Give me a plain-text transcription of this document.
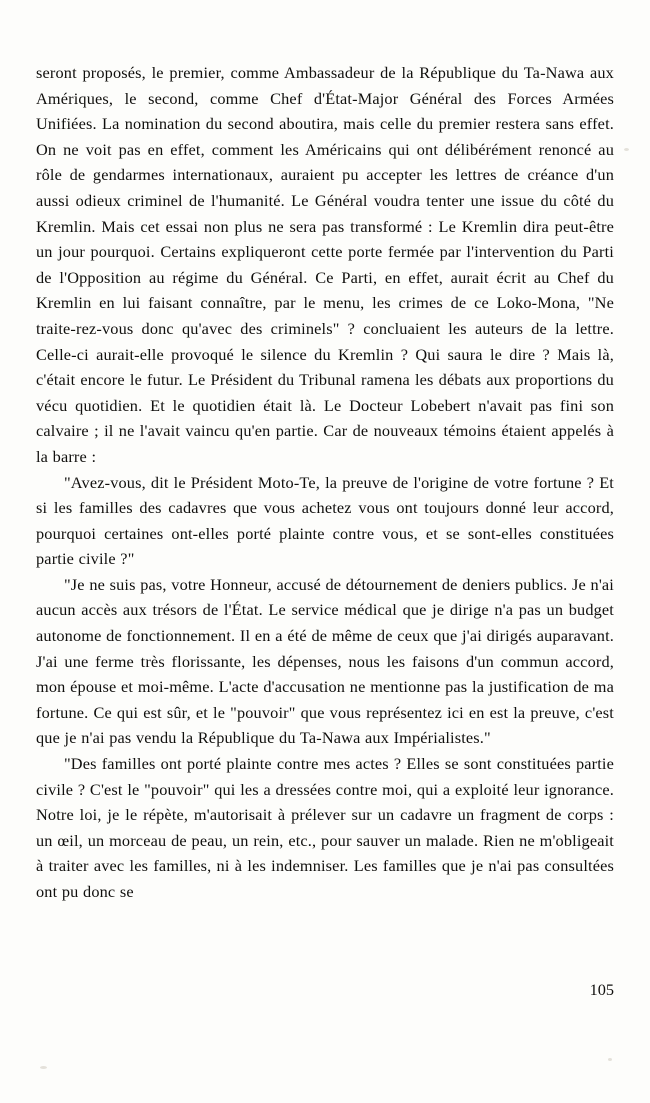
seront proposés, le premier, comme Ambassadeur de la République du Ta-Nawa aux Amériques, le second, comme Chef d'État-Major Général des Forces Armées Unifiées. La nomination du second aboutira, mais celle du premier restera sans effet. On ne voit pas en effet, comment les Américains qui ont délibérément renoncé au rôle de gendarmes internationaux, auraient pu accepter les lettres de créance d'un aussi odieux criminel de l'humanité. Le Général voudra tenter une issue du côté du Kremlin. Mais cet essai non plus ne sera pas transformé : Le Kremlin dira peut-être un jour pourquoi. Certains expliqueront cette porte fermée par l'intervention du Parti de l'Opposition au régime du Général. Ce Parti, en effet, aurait écrit au Chef du Kremlin en lui faisant connaître, par le menu, les crimes de ce Loko-Mona, "Ne traite-rez-vous donc qu'avec des criminels" ? concluaient les auteurs de la lettre. Celle-ci aurait-elle provoqué le silence du Kremlin ? Qui saura le dire ? Mais là, c'était encore le futur. Le Président du Tribunal ramena les débats aux proportions du vécu quotidien. Et le quotidien était là. Le Docteur Lobebert n'avait pas fini son calvaire ; il ne l'avait vaincu qu'en partie. Car de nouveaux témoins étaient appelés à la barre :

"Avez-vous, dit le Président Moto-Te, la preuve de l'origine de votre fortune ? Et si les familles des cadavres que vous achetez vous ont toujours donné leur accord, pourquoi certaines ont-elles porté plainte contre vous, et se sont-elles constituées partie civile ?"

"Je ne suis pas, votre Honneur, accusé de détournement de deniers publics. Je n'ai aucun accès aux trésors de l'État. Le service médical que je dirige n'a pas un budget autonome de fonctionnement. Il en a été de même de ceux que j'ai dirigés auparavant. J'ai une ferme très florissante, les dépenses, nous les faisons d'un commun accord, mon épouse et moi-même. L'acte d'accusation ne mentionne pas la justification de ma fortune. Ce qui est sûr, et le "pouvoir" que vous représentez ici en est la preuve, c'est que je n'ai pas vendu la République du Ta-Nawa aux Impérialistes."

"Des familles ont porté plainte contre mes actes ? Elles se sont constituées partie civile ? C'est le "pouvoir" qui les a dressées contre moi, qui a exploité leur ignorance. Notre loi, je le répète, m'autorisait à prélever sur un cadavre un fragment de corps : un œil, un morceau de peau, un rein, etc., pour sauver un malade. Rien ne m'obligeait à traiter avec les familles, ni à les indemniser. Les familles que je n'ai pas consultées ont pu donc se

105
